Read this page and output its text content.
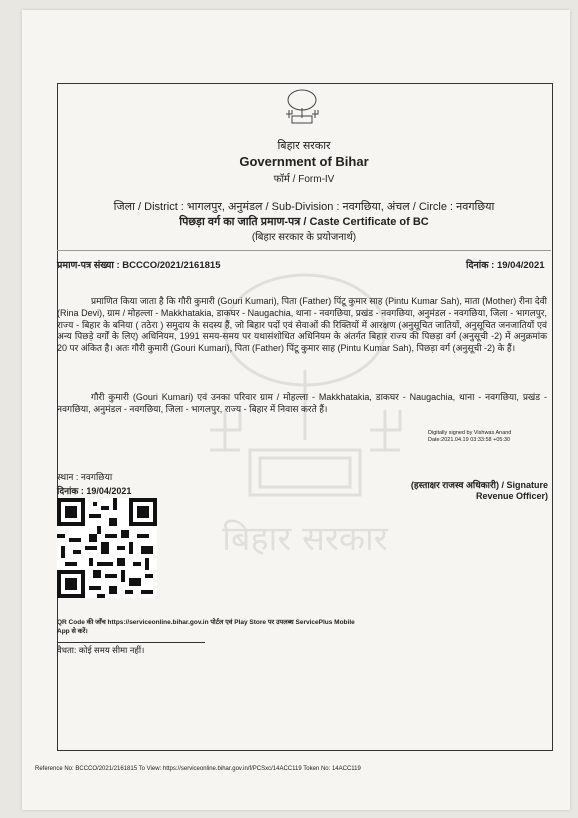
बिहार सरकार
बिहार सरकार
Government of Bihar
फॉर्म / Form-IV
जिला / District : भागलपुर, अनुमंडल / Sub-Division : नवगछिया, अंचल / Circle : नवगछिया
पिछड़ा वर्ग का जाति प्रमाण-पत्र / Caste Certificate of BC
(बिहार सरकार के प्रयोजनार्थ)
प्रमाण-पत्र संख्या : BCCCO/2021/2161815	दिनांक : 19/04/2021
प्रमाणित किया जाता है कि गौरी कुमारी (Gouri Kumari), पिता (Father) पिंटू कुमार साह (Pintu Kumar Sah), माता (Mother) रीना देवी (Rina Devi), ग्राम / मोहल्ला - Makkhatakia, डाकघर - Naugachia, थाना - नवगछिया, प्रखंड - नवगछिया, अनुमंडल - नवगछिया, जिला - भागलपुर, राज्य - बिहार के बनिया ( तठेरा ) समुदाय के सदस्य हैं, जो बिहार पदों एवं सेवाओं की रिक्तियों में आरक्षण (अनुसूचित जातियों, अनुसूचित जनजातियों एवं अन्य पिछड़े वर्गों के लिए) अधिनियम, 1991 समय-समय पर यथासंशोधित अधिनियम के अंतर्गत बिहार राज्य की पिछड़ा वर्ग (अनुसूची -2) में अनुक्रमांक 20 पर अंकित है। अतः गौरी कुमारी (Gouri Kumari), पिता (Father) पिंटू कुमार साह (Pintu Kumar Sah), पिछड़ा वर्ग (अनुसूची -2) के हैं।
गौरी कुमारी (Gouri Kumari) एवं उनका परिवार ग्राम / मोहल्ला - Makkhatakia, डाकघर - Naugachia, थाना - नवगछिया, प्रखंड - नवगछिया, अनुमंडल - नवगछिया, जिला - भागलपुर, राज्य - बिहार में निवास करते हैं।
Digitally signed by Vishwas Anand
Date:2021.04.19 03:33:58 +05:30
स्थान : नवगछिया
दिनांक : 19/04/2021
(हस्ताक्षर राजस्व अधिकारी) / Signature
Revenue Officer)
QR Code की जाँच https://serviceonline.bihar.gov.in पोर्टल एवं Play Store पर उपलब्ध ServicePlus Mobile App से करें।
वैधता: कोई समय सीमा नहीं।
Reference No: BCCCO/2021/2161815 To View: https://serviceonline.bihar.gov.in/f/PCSxc/14ACC119 Token No: 14ACC119
